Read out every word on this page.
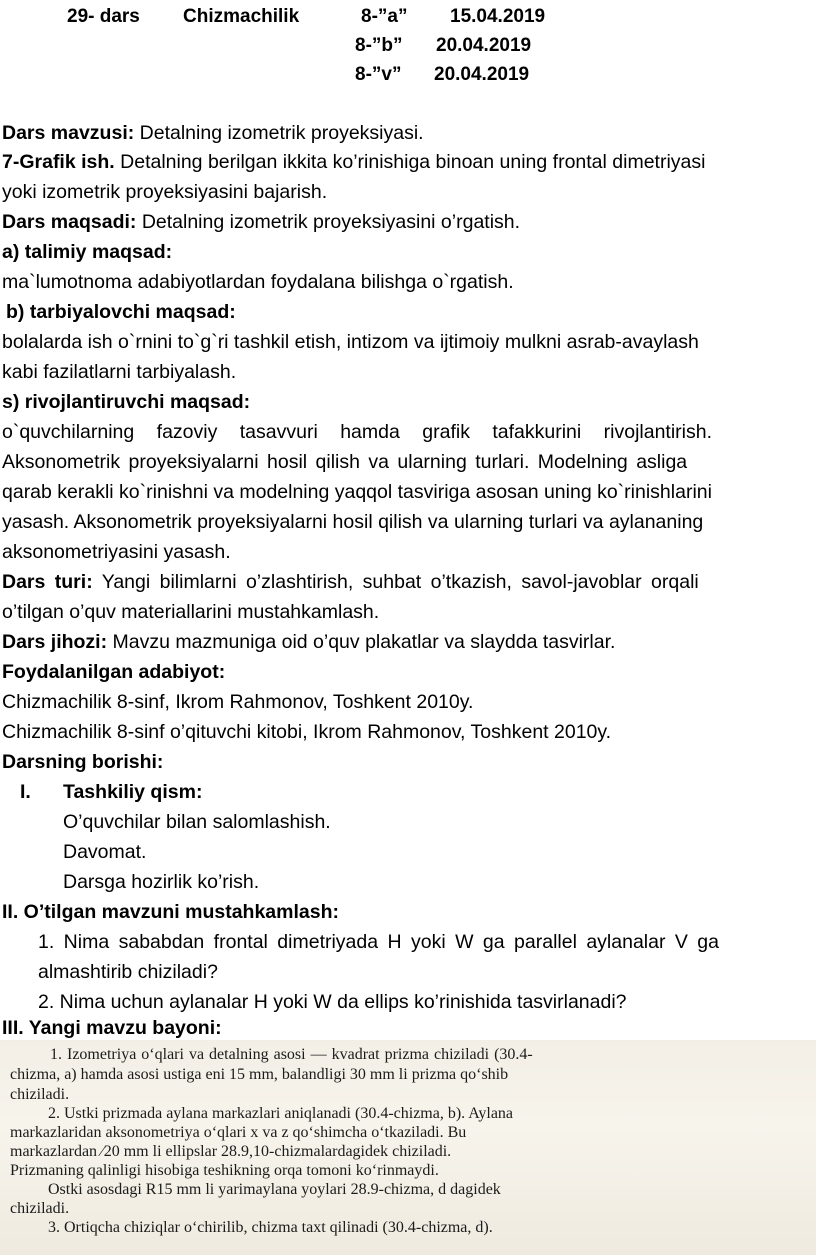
29- dars Chizmachilik	8-”a” 15.04.2019
8-”b” 20.04.2019
8-”v” 20.04.2019
Dars mavzusi: Detalning izometrik proyeksiyasi.
7-Grafik ish. Detalning berilgan ikkita ko’rinishiga binoan uning frontal dimetriyasi
yoki izometrik proyeksiyasini bajarish.
Dars maqsadi: Detalning izometrik proyeksiyasini o’rgatish.
a) talimiy maqsad:
ma`lumotnoma adabiyotlardan foydalana bilishga o`rgatish.
b) tarbiyalovchi maqsad:
bolalarda ish o`rnini to`g`ri tashkil etish, intizom va ijtimoiy mulkni asrab-avaylash
kabi fazilatlarni tarbiyalash.
s) rivojlantiruvchi maqsad:
o`quvchilarning fazoviy tasavvuri hamda grafik tafakkurini rivojlantirish.
Aksonometrik proyeksiyalarni hosil qilish va ularning turlari. Modelning asliga
qarab kerakli ko`rinishni va modelning yaqqol tasviriga asosan uning ko`rinishlarini
yasash. Aksonometrik proyeksiyalarni hosil qilish va ularning turlari va aylananing
aksonometriyasini yasash.
Dars turi: Yangi bilimlarni o’zlashtirish, suhbat o’tkazish, savol-javoblar orqali
o’tilgan o’quv materiallarini mustahkamlash.
Dars jihozi: Mavzu mazmuniga oid o’quv plakatlar va slaydda tasvirlar.
Foydalanilgan adabiyot:
Chizmachilik 8-sinf, Ikrom Rahmonov, Toshkent 2010y.
Chizmachilik 8-sinf o’qituvchi kitobi, Ikrom Rahmonov, Toshkent 2010y.
Darsning borishi:
I. Tashkiliy qism:
O’quvchilar bilan salomlashish.
Davomat.
Darsga hozirlik ko’rish.
II. O’tilgan mavzuni mustahkamlash:
1. Nima sababdan frontal dimetriyada H yoki W ga parallel aylanalar V ga
almashtirib chiziladi?
2. Nima uchun aylanalar H yoki W da ellips ko’rinishida tasvirlanadi?
III. Yangi mavzu bayoni:
1. Izometriya o‘qlari va detalning asosi — kvadrat prizma chiziladi (30.4-
chizma, a) hamda asosi ustiga eni 15 mm, balandligi 30 mm li prizma qo‘shib
chiziladi.
2. Ustki prizmada aylana markazlari aniqlanadi (30.4-chizma, b). Aylana
markazlaridan aksonometriya o‘qlari x va z qo‘shimcha o‘tkaziladi. Bu
markazlardan ∕20 mm li ellipslar 28.9,10-chizmalardagidek chiziladi.
Prizmaning qalinligi hisobiga teshikning orqa tomoni ko‘rinmaydi.
Ostki asosdagi R15 mm li yarimaylana yoylari 28.9-chizma, d dagidek
chiziladi.
3. Ortiqcha chiziqlar o‘chirilib, chizma taxt qilinadi (30.4-chizma, d).
